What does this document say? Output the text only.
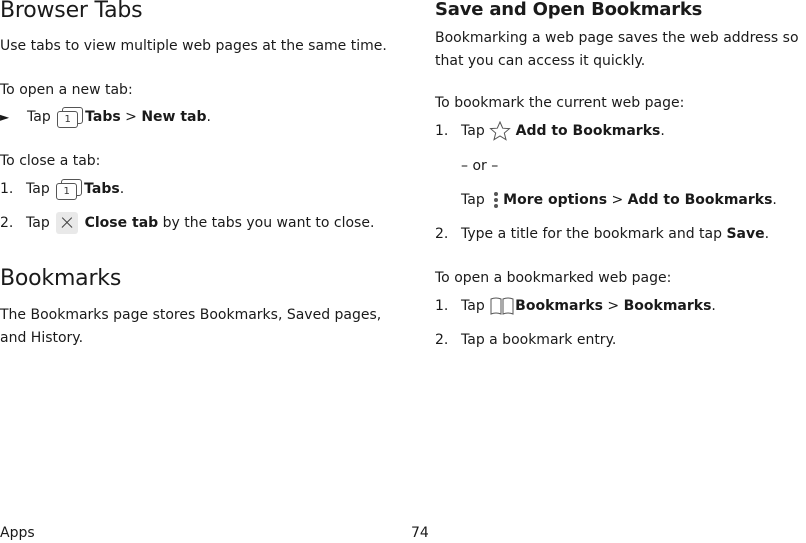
Browser Tabs

Use tabs to view multiple web pages at the same time.

To open a new tab:

► Tap	1	Tabs > New tab.

To close a tab:

1. Tap	1	Tabs.
2. Tap Close tab by the tabs you want to close.
Bookmarks

The Bookmarks page stores Bookmarks, Saved pages,

and History.

Save and Open Bookmarks

Bookmarking a web page saves the web address so

that you can access it quickly.

To bookmark the current web page:

1. Tap Add to Bookmarks.
– or –
Tap More options > Add to Bookmarks.
2. Type a title for the bookmark and tap Save.

To open a bookmarked web page:

1. Tap Bookmarks > Bookmarks.
2. Tap a bookmark entry.
Apps	74
